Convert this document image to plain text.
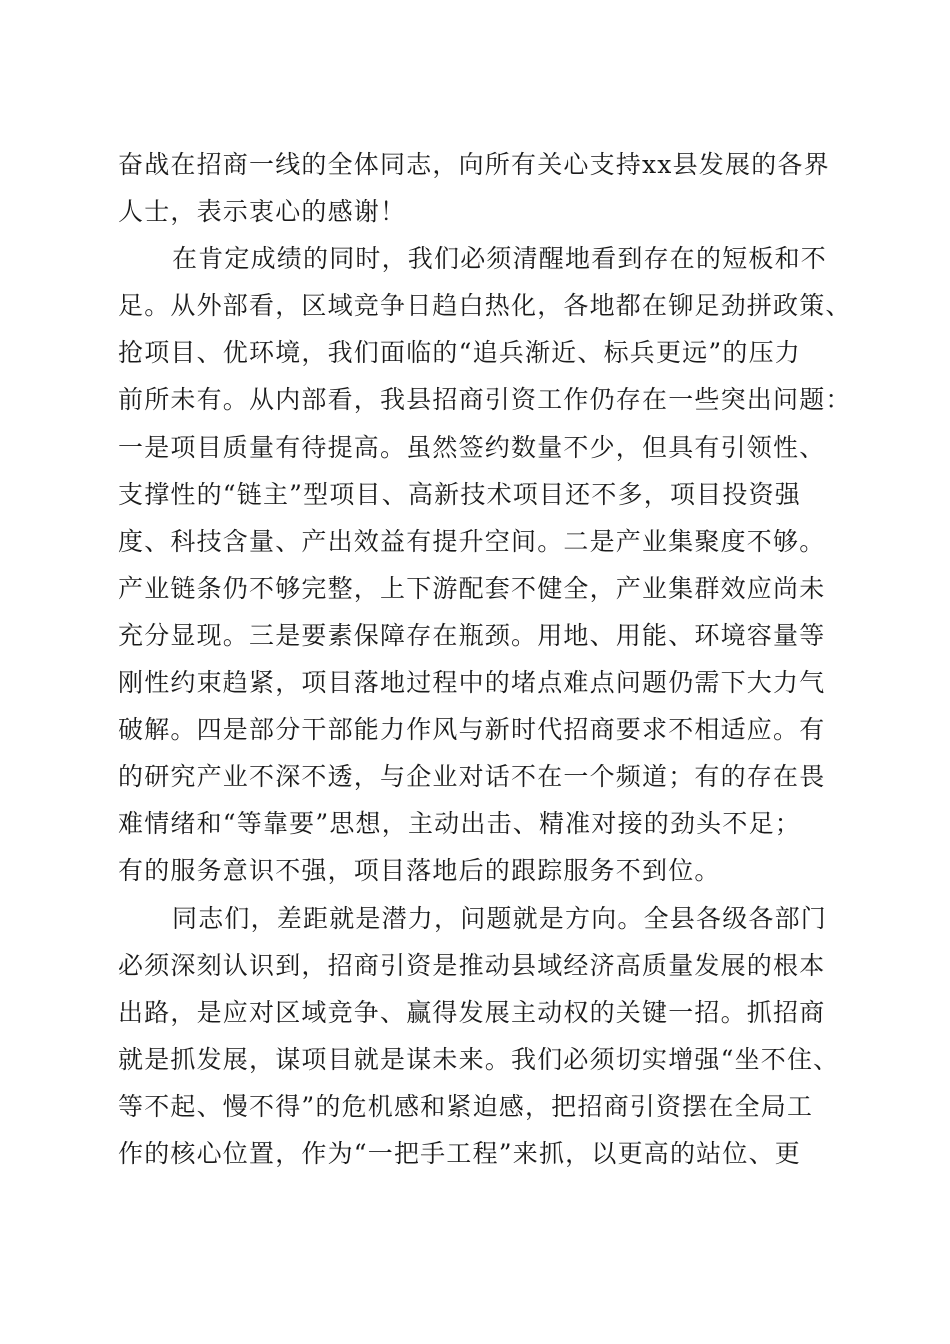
奋战在招商一线的全体同志，向所有关心支持xx县发展的各界
人士，表示衷心的感谢！
在肯定成绩的同时，我们必须清醒地看到存在的短板和不
足。从外部看，区域竞争日趋白热化，各地都在铆足劲拼政策、
抢项目、优环境，我们面临的“追兵渐近、标兵更远”的压力
前所未有。从内部看，我县招商引资工作仍存在一些突出问题：
一是项目质量有待提高。虽然签约数量不少，但具有引领性、
支撑性的“链主”型项目、高新技术项目还不多，项目投资强
度、科技含量、产出效益有提升空间。二是产业集聚度不够。
产业链条仍不够完整，上下游配套不健全，产业集群效应尚未
充分显现。三是要素保障存在瓶颈。用地、用能、环境容量等
刚性约束趋紧，项目落地过程中的堵点难点问题仍需下大力气
破解。四是部分干部能力作风与新时代招商要求不相适应。有
的研究产业不深不透，与企业对话不在一个频道；有的存在畏
难情绪和“等靠要”思想，主动出击、精准对接的劲头不足；
有的服务意识不强，项目落地后的跟踪服务不到位。
同志们，差距就是潜力，问题就是方向。全县各级各部门
必须深刻认识到，招商引资是推动县域经济高质量发展的根本
出路，是应对区域竞争、赢得发展主动权的关键一招。抓招商
就是抓发展，谋项目就是谋未来。我们必须切实增强“坐不住、
等不起、慢不得”的危机感和紧迫感，把招商引资摆在全局工
作的核心位置，作为“一把手工程”来抓，以更高的站位、更
